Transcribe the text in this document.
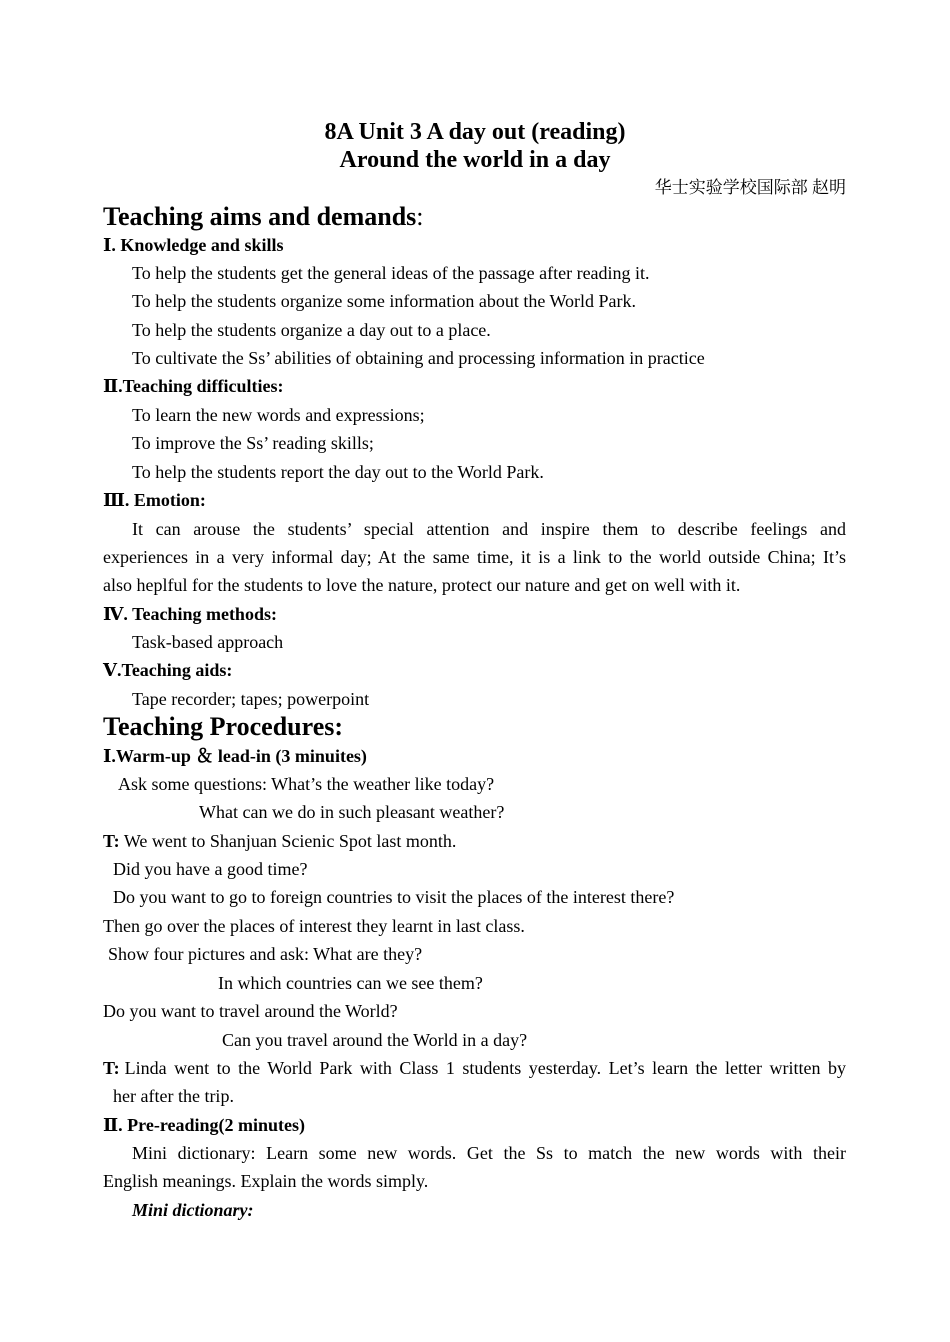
8A Unit 3 A day out (reading)
Around the world in a day
华士实验学校国际部 赵明
Teaching aims and demands:
Ⅰ. Knowledge and skills
To help the students get the general ideas of the passage after reading it.
To help the students organize some information about the World Park.
To help the students organize a day out to a place.
To cultivate the Ss’ abilities of obtaining and processing information in practice
Ⅱ.Teaching difficulties:
To learn the new words and expressions;
To improve the Ss’ reading skills;
To help the students report the day out to the World Park.
Ⅲ. Emotion:
It can arouse the students’ special attention and inspire them to describe feelings and
experiences in a very informal day; At the same time, it is a link to the world outside China; It’s
also heplful for the students to love the nature, protect our nature and get on well with it.
Ⅳ. Teaching methods:
Task-based approach
Ⅴ.Teaching aids:
Tape recorder; tapes; powerpoint
Teaching Procedures:
Ⅰ.Warm-up ＆ lead-in (3 minuites)
Ask some questions: What’s the weather like today?
What can we do in such pleasant weather?
T: We went to Shanjuan Scienic Spot last month.
Did you have a good time?
Do you want to go to foreign countries to visit the places of the interest there?
Then go over the places of interest they learnt in last class.
Show four pictures and ask: What are they?
In which countries can we see them?
Do you want to travel around the World?
Can you travel around the World in a day?
T: Linda went to the World Park with Class 1 students yesterday. Let’s learn the letter written by
her after the trip.
Ⅱ. Pre-reading(2 minutes)
Mini dictionary: Learn some new words. Get the Ss to match the new words with their
English meanings. Explain the words simply.
Mini dictionary:
